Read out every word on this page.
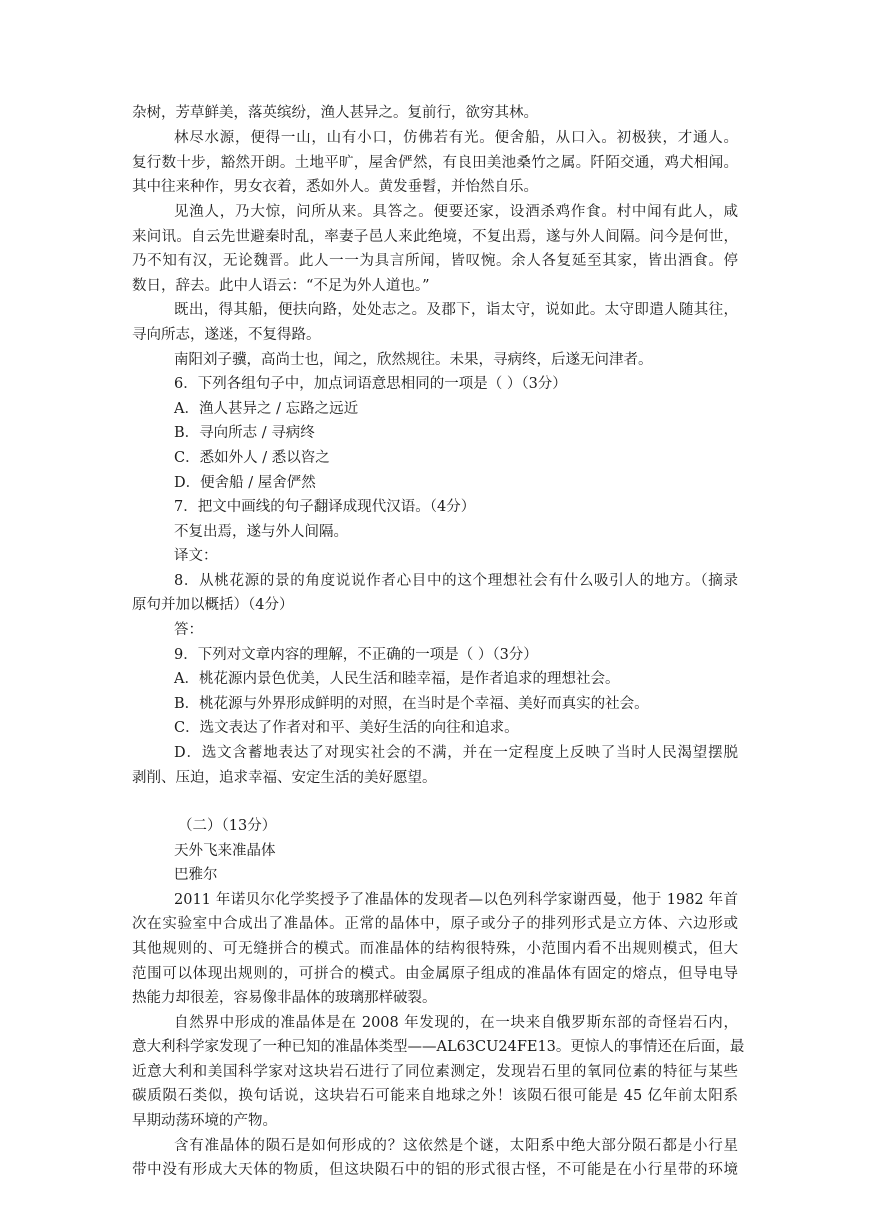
杂树，芳草鲜美，落英缤纷，渔人甚异之。复前行，欲穷其林。
林尽水源，便得一山，山有小口，仿佛若有光。便舍船，从口入。初极狭，才通人。
复行数十步，豁然开朗。土地平旷，屋舍俨然，有良田美池桑竹之属。阡陌交通，鸡犬相闻。
其中往来种作，男女衣着，悉如外人。黄发垂髫，并怡然自乐。
见渔人，乃大惊，问所从来。具答之。便要还家，设酒杀鸡作食。村中闻有此人，咸
来问讯。自云先世避秦时乱，率妻子邑人来此绝境，不复出焉，遂与外人间隔。问今是何世，
乃不知有汉，无论魏晋。此人一一为具言所闻，皆叹惋。余人各复延至其家，皆出酒食。停
数日，辞去。此中人语云：“不足为外人道也。”
既出，得其船，便扶向路，处处志之。及郡下，诣太守，说如此。太守即遣人随其往，
寻向所志，遂迷，不复得路。
南阳刘子骥，高尚士也，闻之，欣然规往。未果，寻病终，后遂无问津者。
6．下列各组句子中，加点词语意思相同的一项是（ ）（3分）
A．渔人甚异之 / 忘路之远近
B．寻向所志 / 寻病终
C．悉如外人 / 悉以咨之
D．便舍船 / 屋舍俨然
7．把文中画线的句子翻译成现代汉语。（4分）
不复出焉，遂与外人间隔。
译文：
8．从桃花源的景的角度说说作者心目中的这个理想社会有什么吸引人的地方。（摘录
原句并加以概括）（4分）
答：
9．下列对文章内容的理解，不正确的一项是（ ）（3分）
A．桃花源内景色优美，人民生活和睦幸福，是作者追求的理想社会。
B．桃花源与外界形成鲜明的对照，在当时是个幸福、美好而真实的社会。
C．选文表达了作者对和平、美好生活的向往和追求。
D．选文含蓄地表达了对现实社会的不满，并在一定程度上反映了当时人民渴望摆脱
剥削、压迫，追求幸福、安定生活的美好愿望。
（二）（13分）
天外飞来准晶体
巴雅尔
2011 年诺贝尔化学奖授予了准晶体的发现者—以色列科学家谢西曼，他于 1982 年首
次在实验室中合成出了准晶体。正常的晶体中，原子或分子的排列形式是立方体、六边形或
其他规则的、可无缝拼合的模式。而准晶体的结构很特殊，小范围内看不出规则模式，但大
范围可以体现出规则的，可拼合的模式。由金属原子组成的准晶体有固定的熔点，但导电导
热能力却很差，容易像非晶体的玻璃那样破裂。
自然界中形成的准晶体是在 2008 年发现的，在一块来自俄罗斯东部的奇怪岩石内，
意大利科学家发现了一种已知的准晶体类型——AL63CU24FE13。更惊人的事情还在后面，最
近意大利和美国科学家对这块岩石进行了同位素测定，发现岩石里的氧同位素的特征与某些
碳质陨石类似，换句话说，这块岩石可能来自地球之外！该陨石很可能是 45 亿年前太阳系
早期动荡环境的产物。
含有准晶体的陨石是如何形成的？这依然是个谜，太阳系中绝大部分陨石都是小行星
带中没有形成大天体的物质，但这块陨石中的铝的形式很古怪，不可能是在小行星带的环境
